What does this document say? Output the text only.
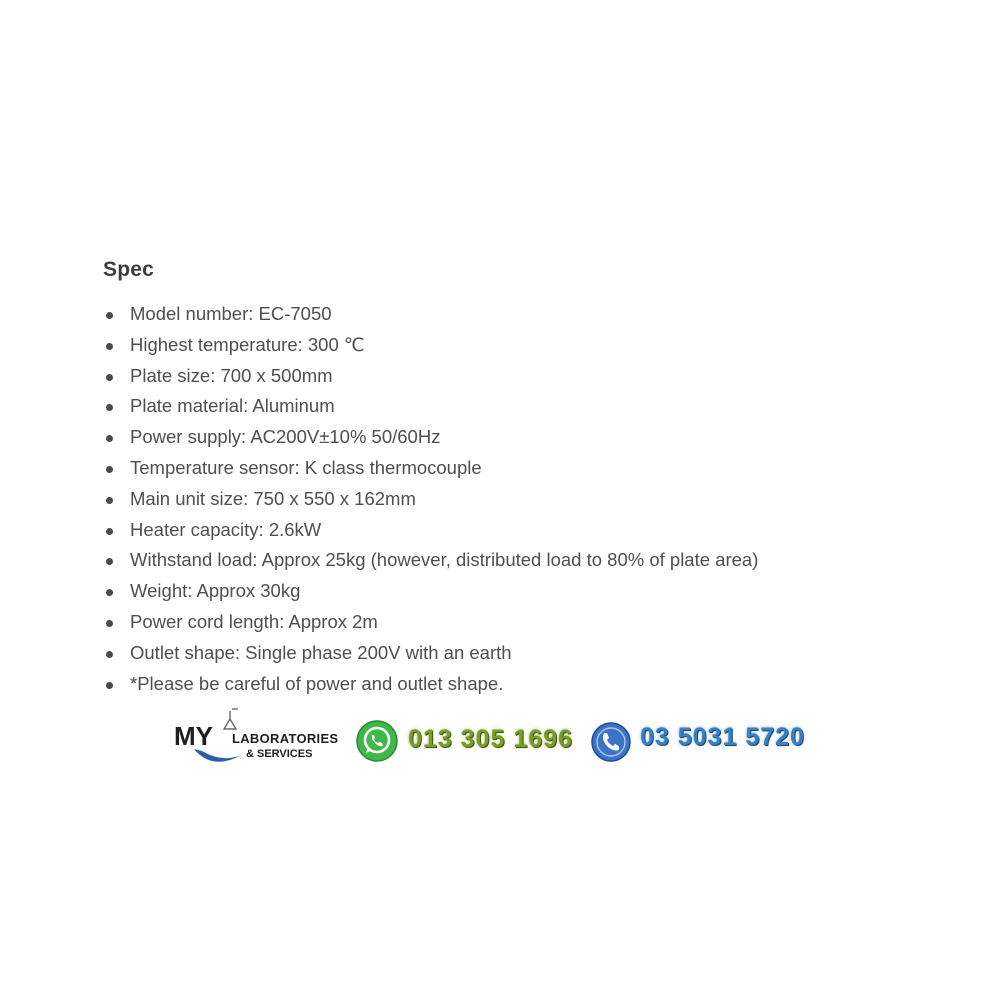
Spec
Model number: EC-7050
Highest temperature: 300 ℃
Plate size: 700 x 500mm
Plate material: Aluminum
Power supply: AC200V±10% 50/60Hz
Temperature sensor: K class thermocouple
Main unit size: 750 x 550 x 162mm
Heater capacity: 2.6kW
Withstand load: Approx 25kg (however, distributed load to 80% of plate area)
Weight: Approx 30kg
Power cord length: Approx 2m
Outlet shape: Single phase 200V with an earth
*Please be careful of power and outlet shape.
MY LABORATORIES
& SERVICES
013 305 1696	03 5031 5720
